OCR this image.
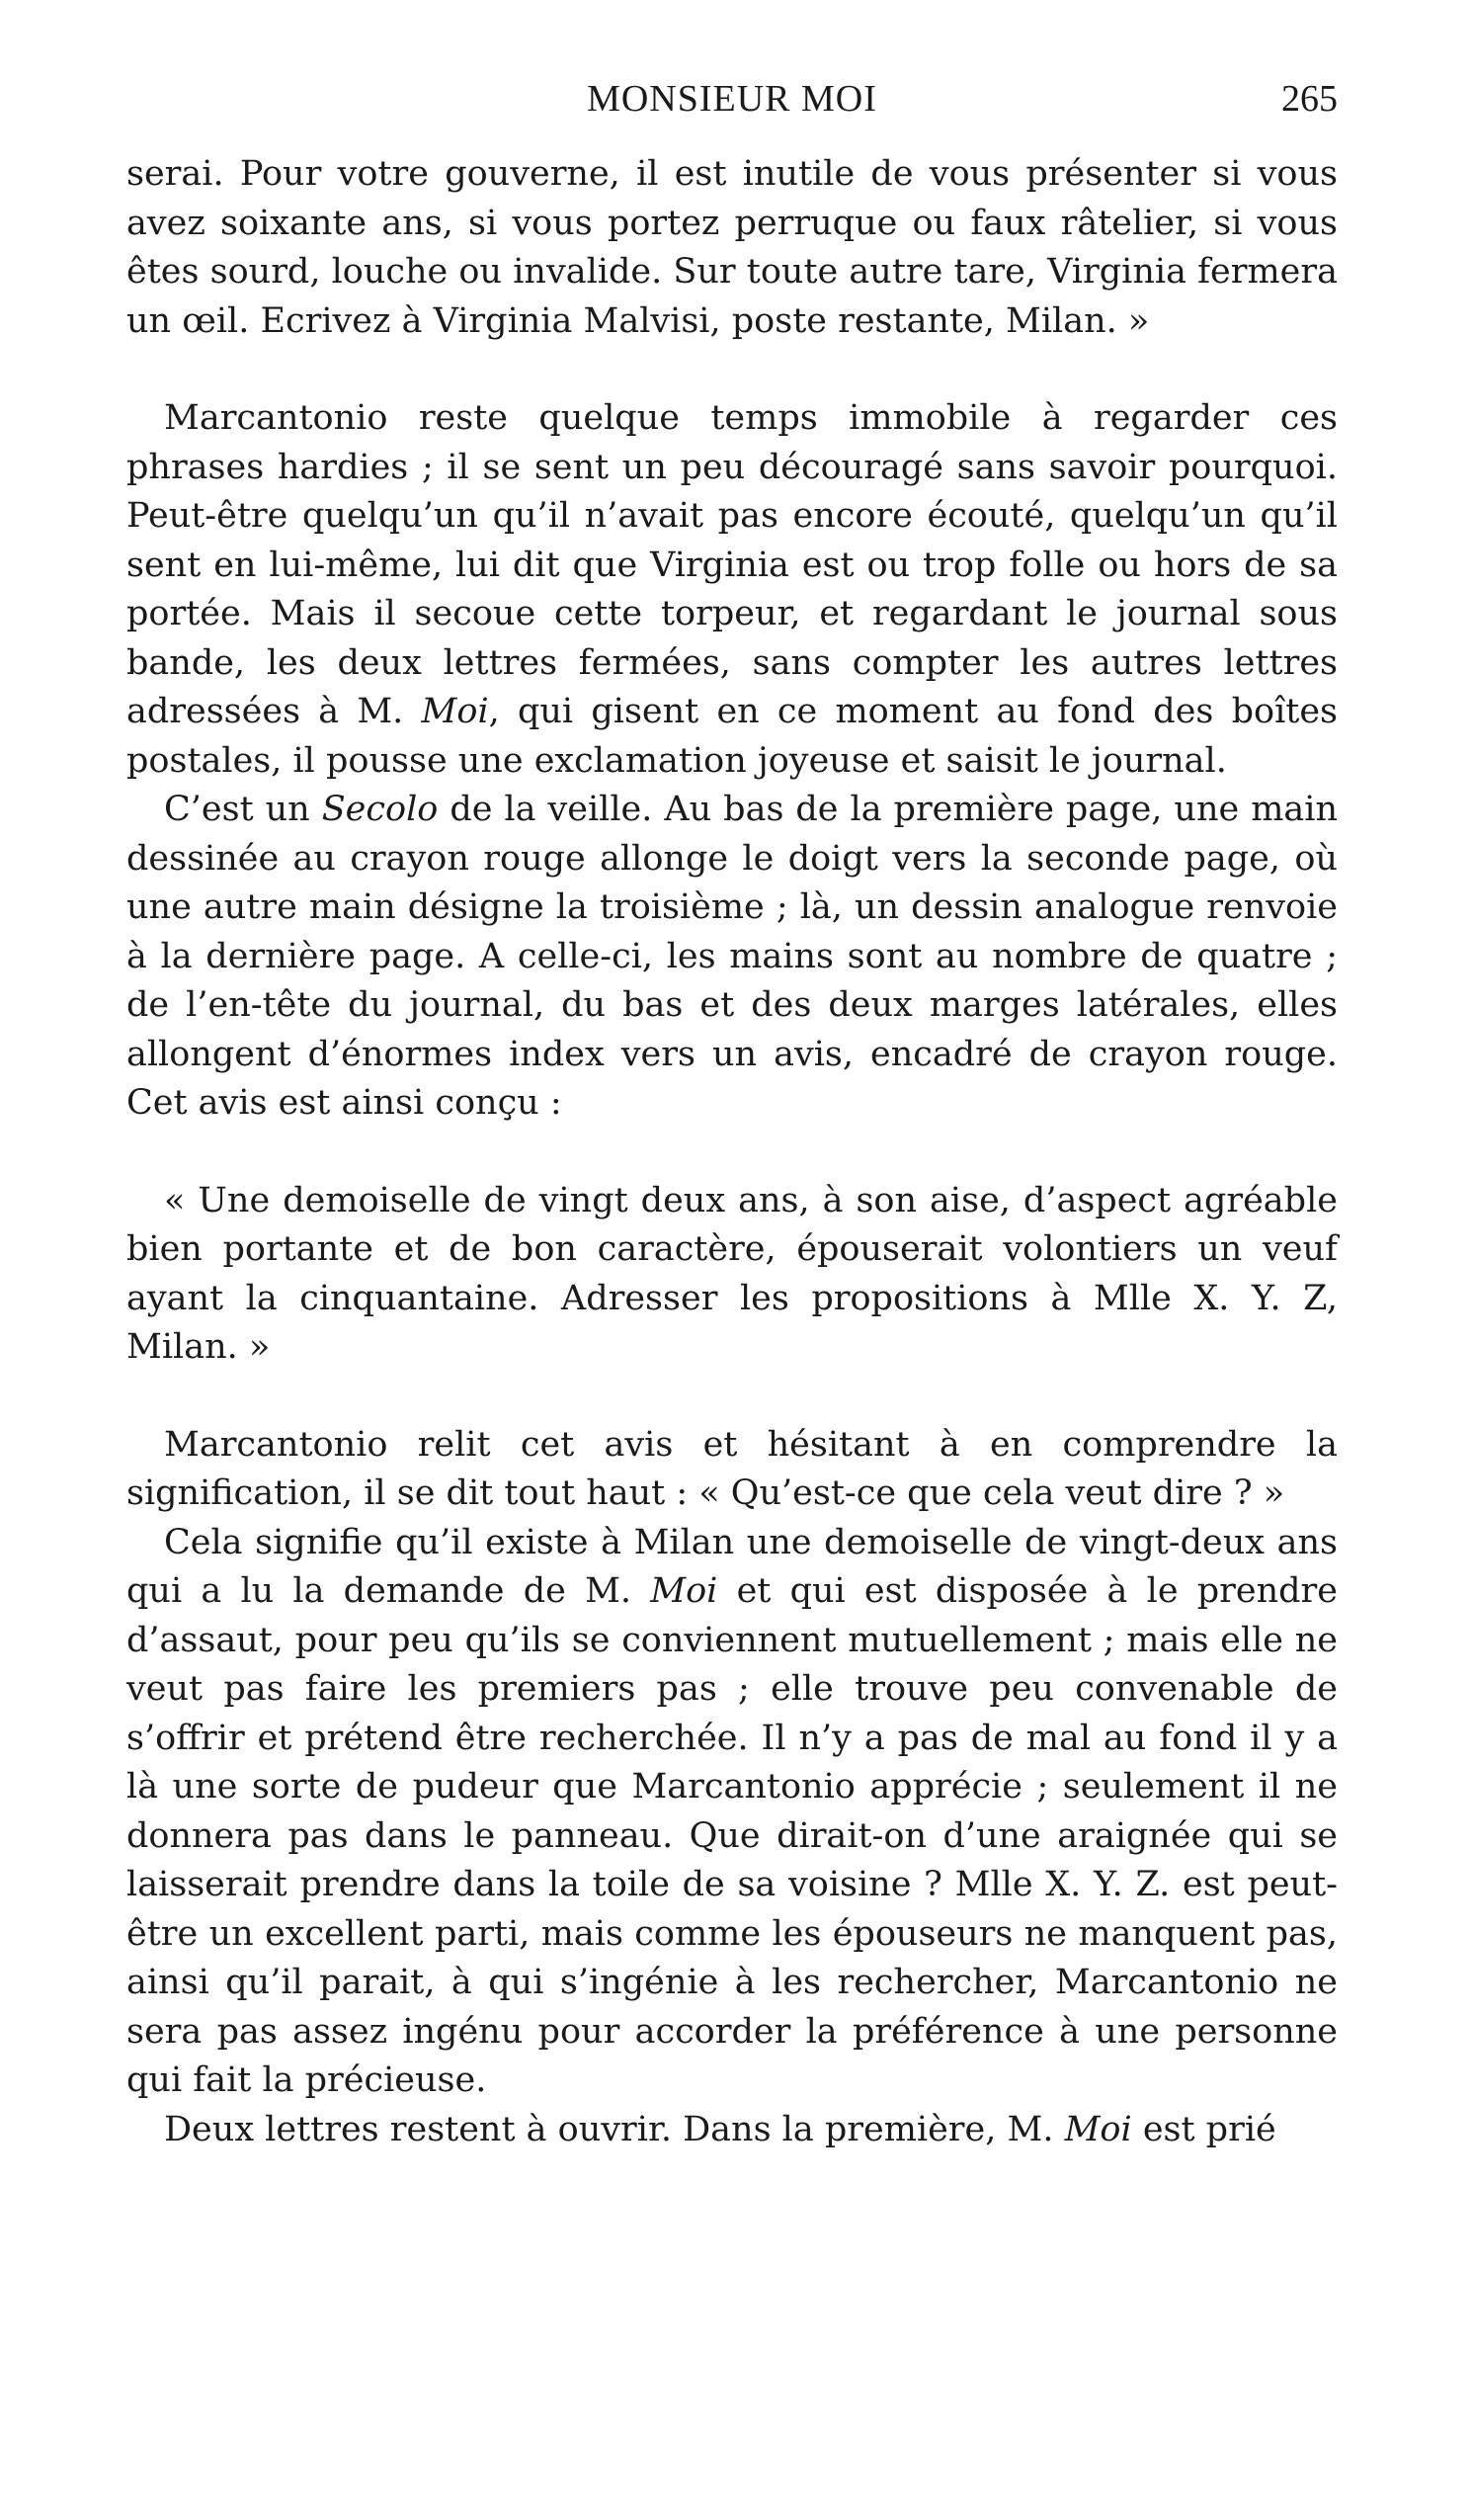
MONSIEUR MOI	265

serai. Pour votre gouverne, il est inutile de vous présenter si vous avez soixante ans, si vous portez perruque ou faux râtelier, si vous êtes sourd, louche ou invalide. Sur toute autre tare, Virginia fermera un œil. Ecrivez à Virginia Malvisi, poste restante, Milan. »

Marcantonio reste quelque temps immobile à regarder ces phrases hardies ; il se sent un peu découragé sans savoir pourquoi. Peut-être quelqu’un qu’il n’avait pas encore écouté, quelqu’un qu’il sent en lui-même, lui dit que Virginia est ou trop folle ou hors de sa portée. Mais il secoue cette torpeur, et regardant le journal sous bande, les deux lettres fermées, sans compter les autres lettres adressées à M. Moi, qui gisent en ce moment au fond des boîtes postales, il pousse une exclamation joyeuse et saisit le journal.

C’est un Secolo de la veille. Au bas de la première page, une main dessinée au crayon rouge allonge le doigt vers la seconde page, où une autre main désigne la troisième ; là, un dessin analogue renvoie à la dernière page. A celle-ci, les mains sont au nombre de quatre ; de l’en-tête du journal, du bas et des deux marges latérales, elles allongent d’énormes index vers un avis, encadré de crayon rouge. Cet avis est ainsi conçu :

« Une demoiselle de vingt deux ans, à son aise, d’aspect agréable bien portante et de bon caractère, épouserait volontiers un veuf ayant la cinquantaine. Adresser les propositions à Mlle X. Y. Z, Milan. »

Marcantonio relit cet avis et hésitant à en comprendre la signification, il se dit tout haut : « Qu’est-ce que cela veut dire ? »

Cela signifie qu’il existe à Milan une demoiselle de vingt-deux ans qui a lu la demande de M. Moi et qui est disposée à le prendre d’assaut, pour peu qu’ils se conviennent mutuellement ; mais elle ne veut pas faire les premiers pas ; elle trouve peu convenable de s’offrir et prétend être recherchée. Il n’y a pas de mal au fond il y a là une sorte de pudeur que Marcantonio apprécie ; seulement il ne donnera pas dans le panneau. Que dirait-on d’une araignée qui se laisserait prendre dans la toile de sa voisine ? Mlle X. Y. Z. est peut-être un excellent parti, mais comme les épouseurs ne manquent pas, ainsi qu’il parait, à qui s’ingénie à les rechercher, Marcantonio ne sera pas assez ingénu pour accorder la préférence à une personne qui fait la précieuse.

Deux lettres restent à ouvrir. Dans la première, M. Moi est prié
